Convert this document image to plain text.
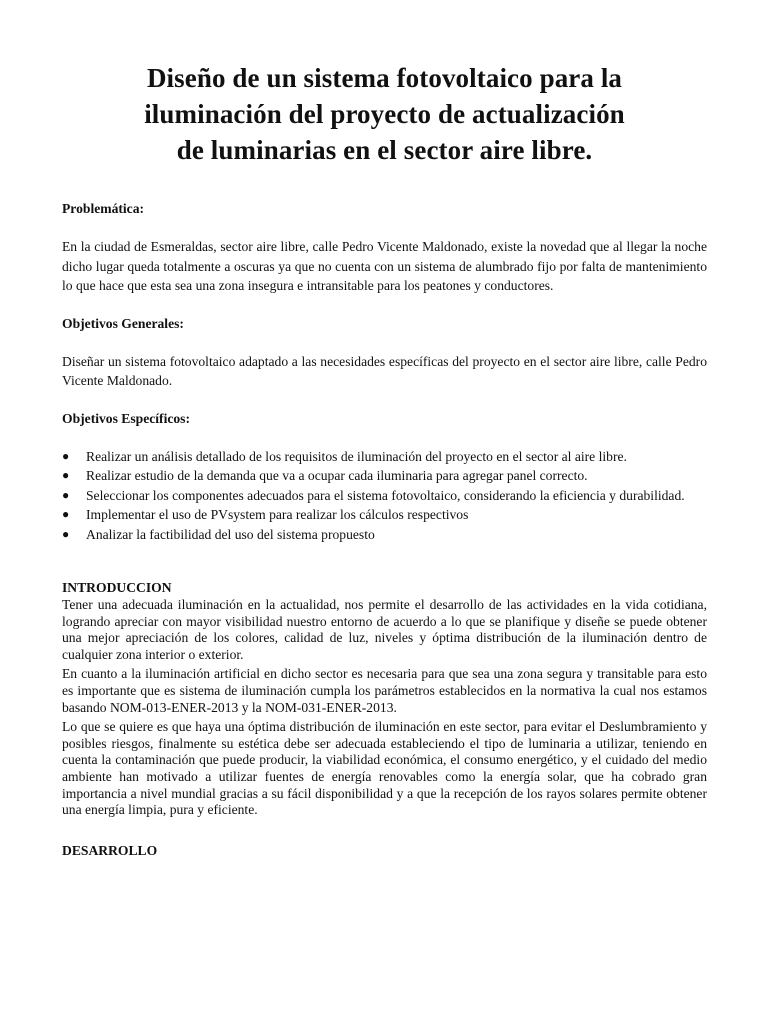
Diseño de un sistema fotovoltaico para la
iluminación del proyecto de actualización
de luminarias en el sector aire libre.

Problemática:

En la ciudad de Esmeraldas, sector aire libre, calle Pedro Vicente Maldonado, existe la novedad que al llegar la noche dicho lugar queda totalmente a oscuras ya que no cuenta con un sistema de alumbrado fijo por falta de mantenimiento lo que hace que esta sea una zona insegura e intransitable para los peatones y conductores.

Objetivos Generales:

Diseñar un sistema fotovoltaico adaptado a las necesidades específicas del proyecto en el sector aire libre, calle Pedro Vicente Maldonado.

Objetivos Específicos:

● Realizar un análisis detallado de los requisitos de iluminación del proyecto en el sector al aire libre.
● Realizar estudio de la demanda que va a ocupar cada iluminaria para agregar panel correcto.
● Seleccionar los componentes adecuados para el sistema fotovoltaico, considerando la eficiencia y durabilidad.
● Implementar el uso de PVsystem para realizar los cálculos respectivos
● Analizar la factibilidad del uso del sistema propuesto

INTRODUCCION

Tener una adecuada iluminación en la actualidad, nos permite el desarrollo de las actividades en la vida cotidiana, logrando apreciar con mayor visibilidad nuestro entorno de acuerdo a lo que se planifique y diseñe se puede obtener una mejor apreciación de los colores, calidad de luz, niveles y óptima distribución de la iluminación dentro de cualquier zona interior o exterior.

En cuanto a la iluminación artificial en dicho sector es necesaria para que sea una zona segura y transitable para esto es importante que es sistema de iluminación cumpla los parámetros establecidos en la normativa la cual nos estamos basando NOM-013-ENER-2013 y la NOM-031-ENER-2013.

Lo que se quiere es que haya una óptima distribución de iluminación en este sector, para evitar el Deslumbramiento y posibles riesgos, finalmente su estética debe ser adecuada estableciendo el tipo de luminaria a utilizar, teniendo en cuenta la contaminación que puede producir, la viabilidad económica, el consumo energético, y el cuidado del medio ambiente han motivado a utilizar fuentes de energía renovables como la energía solar, que ha cobrado gran importancia a nivel mundial gracias a su fácil disponibilidad y a que la recepción de los rayos solares permite obtener una energía limpia, pura y eficiente.

DESARROLLO
